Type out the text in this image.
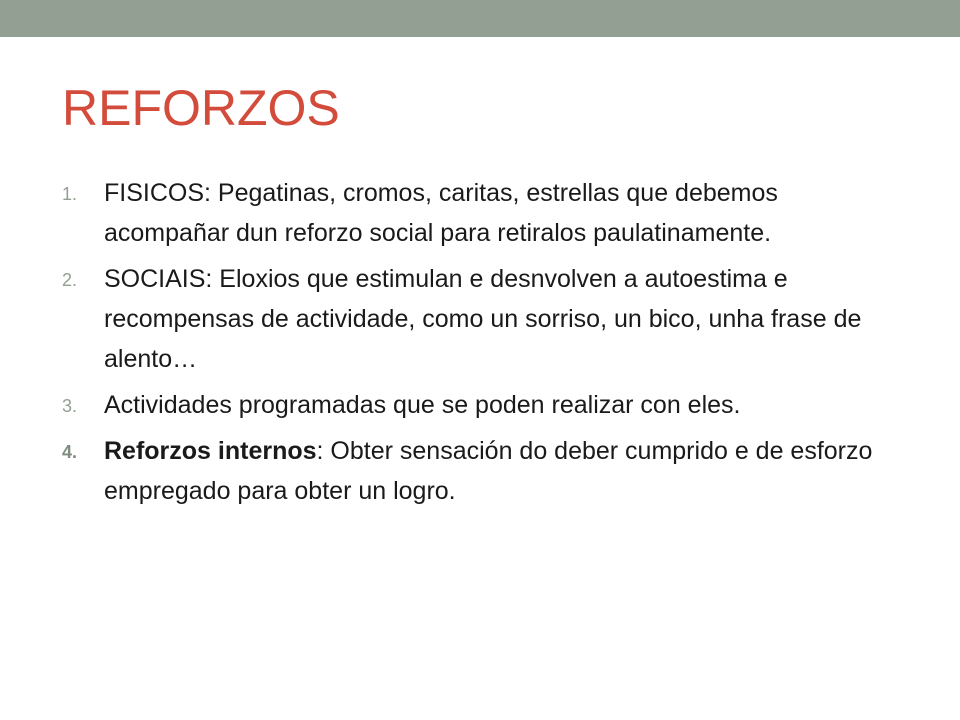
REFORZOS
1. FISICOS: Pegatinas, cromos, caritas, estrellas que debemos acompañar dun reforzo social para retiralos paulatinamente.
2. SOCIAIS: Eloxios que estimulan e desnvolven a autoestima e recompensas de actividade, como un sorriso, un bico, unha frase de alento…
3. Actividades programadas que se poden realizar con eles.
4. Reforzos internos: Obter sensación do deber cumprido e de esforzo empregado para obter un logro.
